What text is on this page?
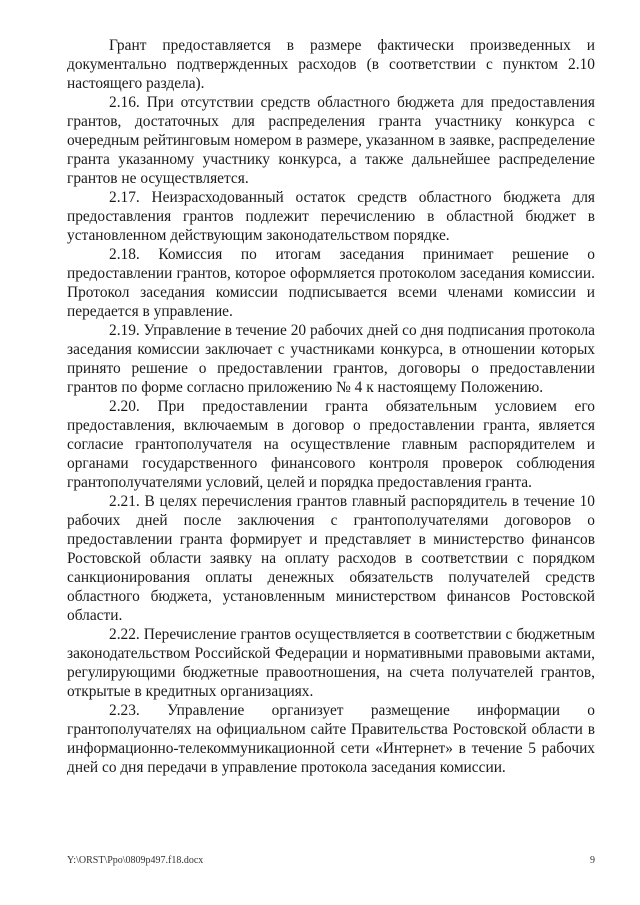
Грант предоставляется в размере фактически произведенных и документально подтвержденных расходов (в соответствии с пунктом 2.10 настоящего раздела).

2.16. При отсутствии средств областного бюджета для предоставления грантов, достаточных для распределения гранта участнику конкурса с очередным рейтинговым номером в размере, указанном в заявке, распределение гранта указанному участнику конкурса, а также дальнейшее распределение грантов не осуществляется.

2.17. Неизрасходованный остаток средств областного бюджета для предоставления грантов подлежит перечислению в областной бюджет в установленном действующим законодательством порядке.

2.18. Комиссия по итогам заседания принимает решение о предоставлении грантов, которое оформляется протоколом заседания комиссии. Протокол заседания комиссии подписывается всеми членами комиссии и передается в управление.

2.19. Управление в течение 20 рабочих дней со дня подписания протокола заседания комиссии заключает с участниками конкурса, в отношении которых принято решение о предоставлении грантов, договоры о предоставлении грантов по форме согласно приложению № 4 к настоящему Положению.

2.20. При предоставлении гранта обязательным условием его предоставления, включаемым в договор о предоставлении гранта, является согласие грантополучателя на осуществление главным распорядителем и органами государственного финансового контроля проверок соблюдения грантополучателями условий, целей и порядка предоставления гранта.

2.21. В целях перечисления грантов главный распорядитель в течение 10 рабочих дней после заключения с грантополучателями договоров о предоставлении гранта формирует и представляет в министерство финансов Ростовской области заявку на оплату расходов в соответствии с порядком санкционирования оплаты денежных обязательств получателей средств областного бюджета, установленным министерством финансов Ростовской области.

2.22. Перечисление грантов осуществляется в соответствии с бюджетным законодательством Российской Федерации и нормативными правовыми актами, регулирующими бюджетные правоотношения, на счета получателей грантов, открытые в кредитных организациях.

2.23. Управление организует размещение информации о грантополучателях на официальном сайте Правительства Ростовской области в информационно-телекоммуникационной сети «Интернет» в течение 5 рабочих дней со дня передачи в управление протокола заседания комиссии.

Y:\ORST\Ppo\0809p497.f18.docx	9
